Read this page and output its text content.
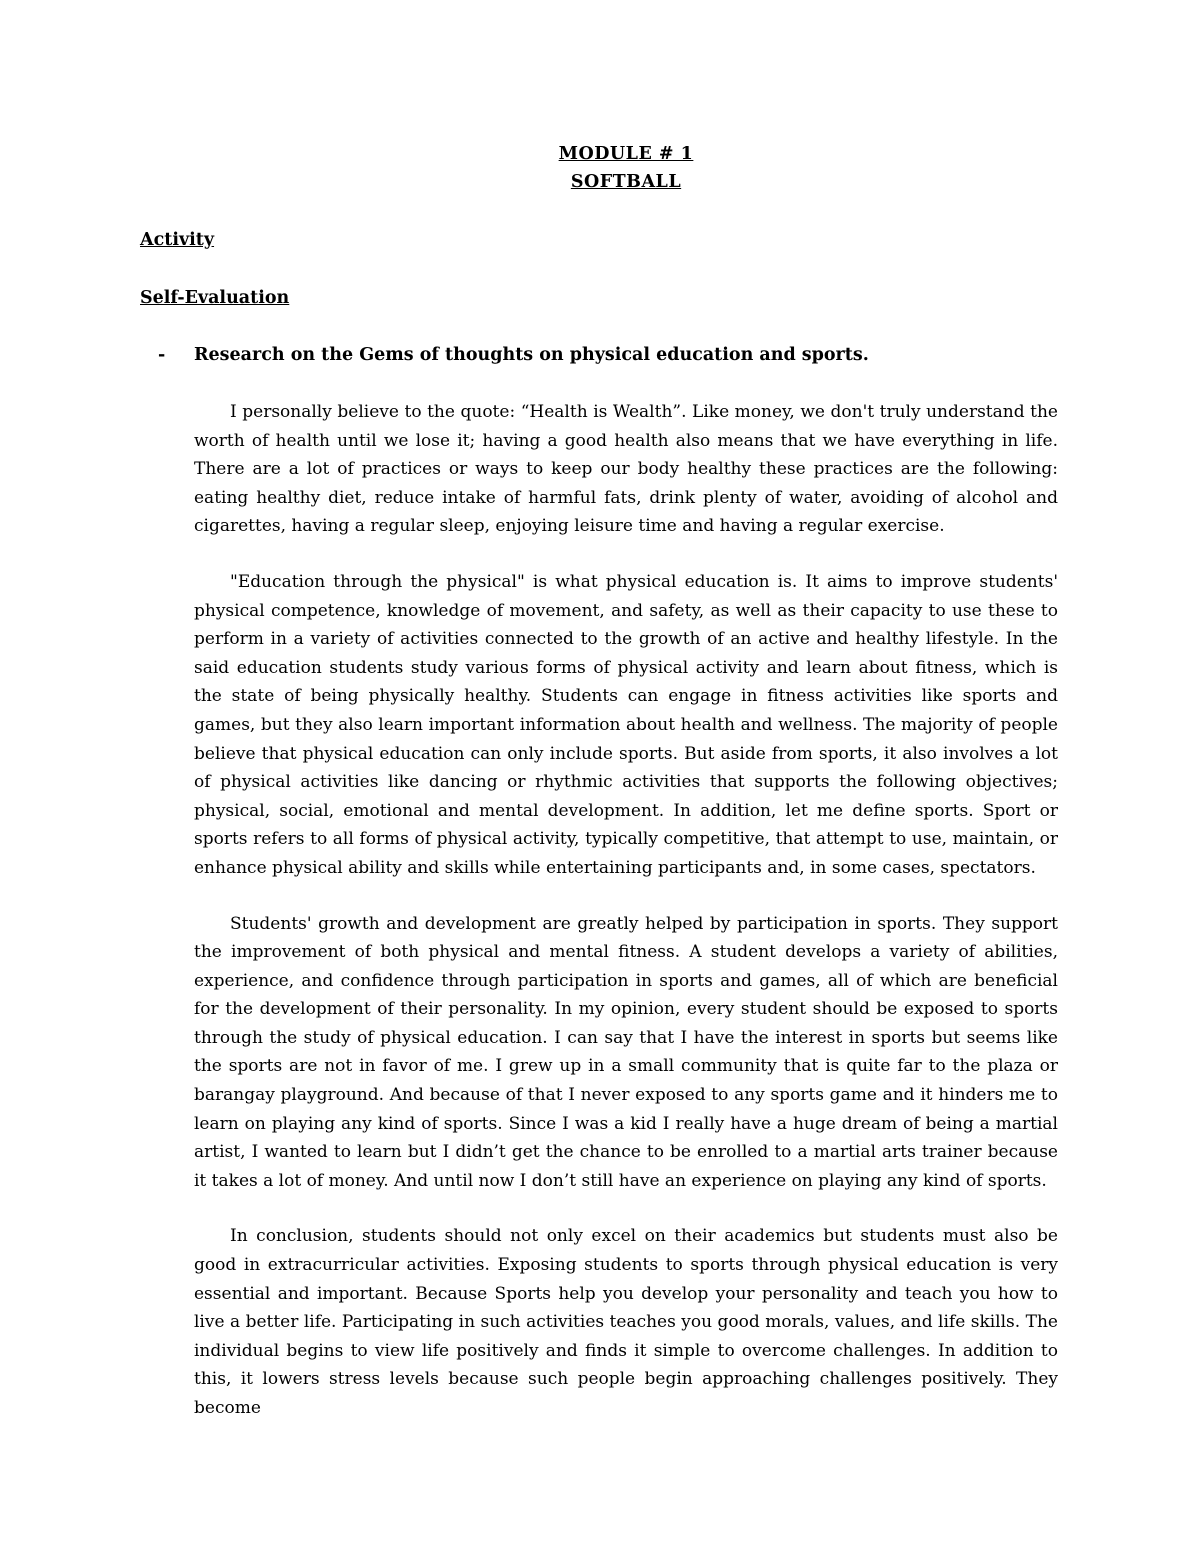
MODULE # 1
SOFTBALL

Activity

Self-Evaluation

- Research on the Gems of thoughts on physical education and sports.

I personally believe to the quote: “Health is Wealth”. Like money, we don't truly understand the worth of health until we lose it; having a good health also means that we have everything in life. There are a lot of practices or ways to keep our body healthy these practices are the following: eating healthy diet, reduce intake of harmful fats, drink plenty of water, avoiding of alcohol and cigarettes, having a regular sleep, enjoying leisure time and having a regular exercise.

"Education through the physical" is what physical education is. It aims to improve students' physical competence, knowledge of movement, and safety, as well as their capacity to use these to perform in a variety of activities connected to the growth of an active and healthy lifestyle. In the said education students study various forms of physical activity and learn about fitness, which is the state of being physically healthy. Students can engage in fitness activities like sports and games, but they also learn important information about health and wellness. The majority of people believe that physical education can only include sports. But aside from sports, it also involves a lot of physical activities like dancing or rhythmic activities that supports the following objectives; physical, social, emotional and mental development. In addition, let me define sports. Sport or sports refers to all forms of physical activity, typically competitive, that attempt to use, maintain, or enhance physical ability and skills while entertaining participants and, in some cases, spectators.

Students' growth and development are greatly helped by participation in sports. They support the improvement of both physical and mental fitness. A student develops a variety of abilities, experience, and confidence through participation in sports and games, all of which are beneficial for the development of their personality. In my opinion, every student should be exposed to sports through the study of physical education. I can say that I have the interest in sports but seems like the sports are not in favor of me. I grew up in a small community that is quite far to the plaza or barangay playground. And because of that I never exposed to any sports game and it hinders me to learn on playing any kind of sports. Since I was a kid I really have a huge dream of being a martial artist, I wanted to learn but I didn’t get the chance to be enrolled to a martial arts trainer because it takes a lot of money. And until now I don’t still have an experience on playing any kind of sports.

In conclusion, students should not only excel on their academics but students must also be good in extracurricular activities. Exposing students to sports through physical education is very essential and important. Because Sports help you develop your personality and teach you how to live a better life. Participating in such activities teaches you good morals, values, and life skills. The individual begins to view life positively and finds it simple to overcome challenges. In addition to this, it lowers stress levels because such people begin approaching challenges positively. They become
